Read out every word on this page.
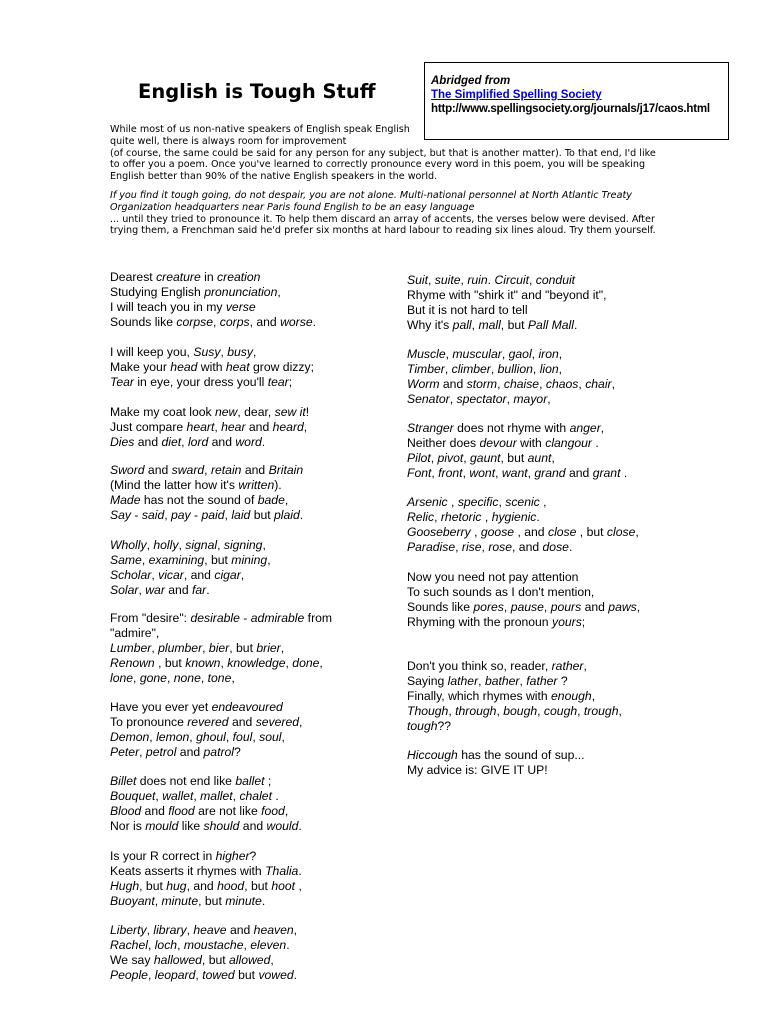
Abridged from
The Simplified Spelling Society
http://www.spellingsociety.org/journals/j17/caos.html
English is Tough Stuff

While most of us non-native speakers of English speak English quite well, there is always room for improvement
(of course, the same could be said for any person for any subject, but that is another matter). To that end, I'd like to offer you a poem. Once you've learned to correctly pronounce every word in this poem, you will be speaking English better than 90% of the native English speakers in the world.

If you find it tough going, do not despair, you are not alone. Multi-national personnel at North Atlantic Treaty Organization headquarters near Paris found English to be an easy language
... until they tried to pronounce it. To help them discard an array of accents, the verses below were devised. After trying them, a Frenchman said he'd prefer six months at hard labour to reading six lines aloud. Try them yourself.

Dearest creature in creation
Studying English pronunciation,
I will teach you in my verse
Sounds like corpse, corps, and worse.
I will keep you, Susy, busy,
Make your head with heat grow dizzy;
Tear in eye, your dress you'll tear;
Make my coat look new, dear, sew it!
Just compare heart, hear and heard,
Dies and diet, lord and word.
Sword and sward, retain and Britain
(Mind the latter how it's written).
Made has not the sound of bade,
Say - said, pay - paid, laid but plaid.
Wholly, holly, signal, signing,
Same, examining, but mining,
Scholar, vicar, and cigar,
Solar, war and far.
From "desire": desirable - admirable from
"admire",
Lumber, plumber, bier, but brier,
Renown , but known, knowledge, done,
lone, gone, none, tone,
Have you ever yet endeavoured
To pronounce revered and severed,
Demon, lemon, ghoul, foul, soul,
Peter, petrol and patrol?
Billet does not end like ballet ;
Bouquet, wallet, mallet, chalet .
Blood and flood are not like food,
Nor is mould like should and would.
Is your R correct in higher?
Keats asserts it rhymes with Thalia.
Hugh, but hug, and hood, but hoot ,
Buoyant, minute, but minute.
Liberty, library, heave and heaven,
Rachel, loch, moustache, eleven.
We say hallowed, but allowed,
People, leopard, towed but vowed.
Suit, suite, ruin. Circuit, conduit
Rhyme with "shirk it" and "beyond it",
But it is not hard to tell
Why it's pall, mall, but Pall Mall.
Muscle, muscular, gaol, iron,
Timber, climber, bullion, lion,
Worm and storm, chaise, chaos, chair,
Senator, spectator, mayor,
Stranger does not rhyme with anger,
Neither does devour with clangour .
Pilot, pivot, gaunt, but aunt,
Font, front, wont, want, grand and grant .
Arsenic , specific, scenic ,
Relic, rhetoric , hygienic.
Gooseberry , goose , and close , but close,
Paradise, rise, rose, and dose.
Now you need not pay attention
To such sounds as I don't mention,
Sounds like pores, pause, pours and paws,
Rhyming with the pronoun yours;
Don't you think so, reader, rather,
Saying lather, bather, father ?
Finally, which rhymes with enough,
Though, through, bough, cough, trough,
tough??
Hiccough has the sound of sup...
My advice is: GIVE IT UP!
